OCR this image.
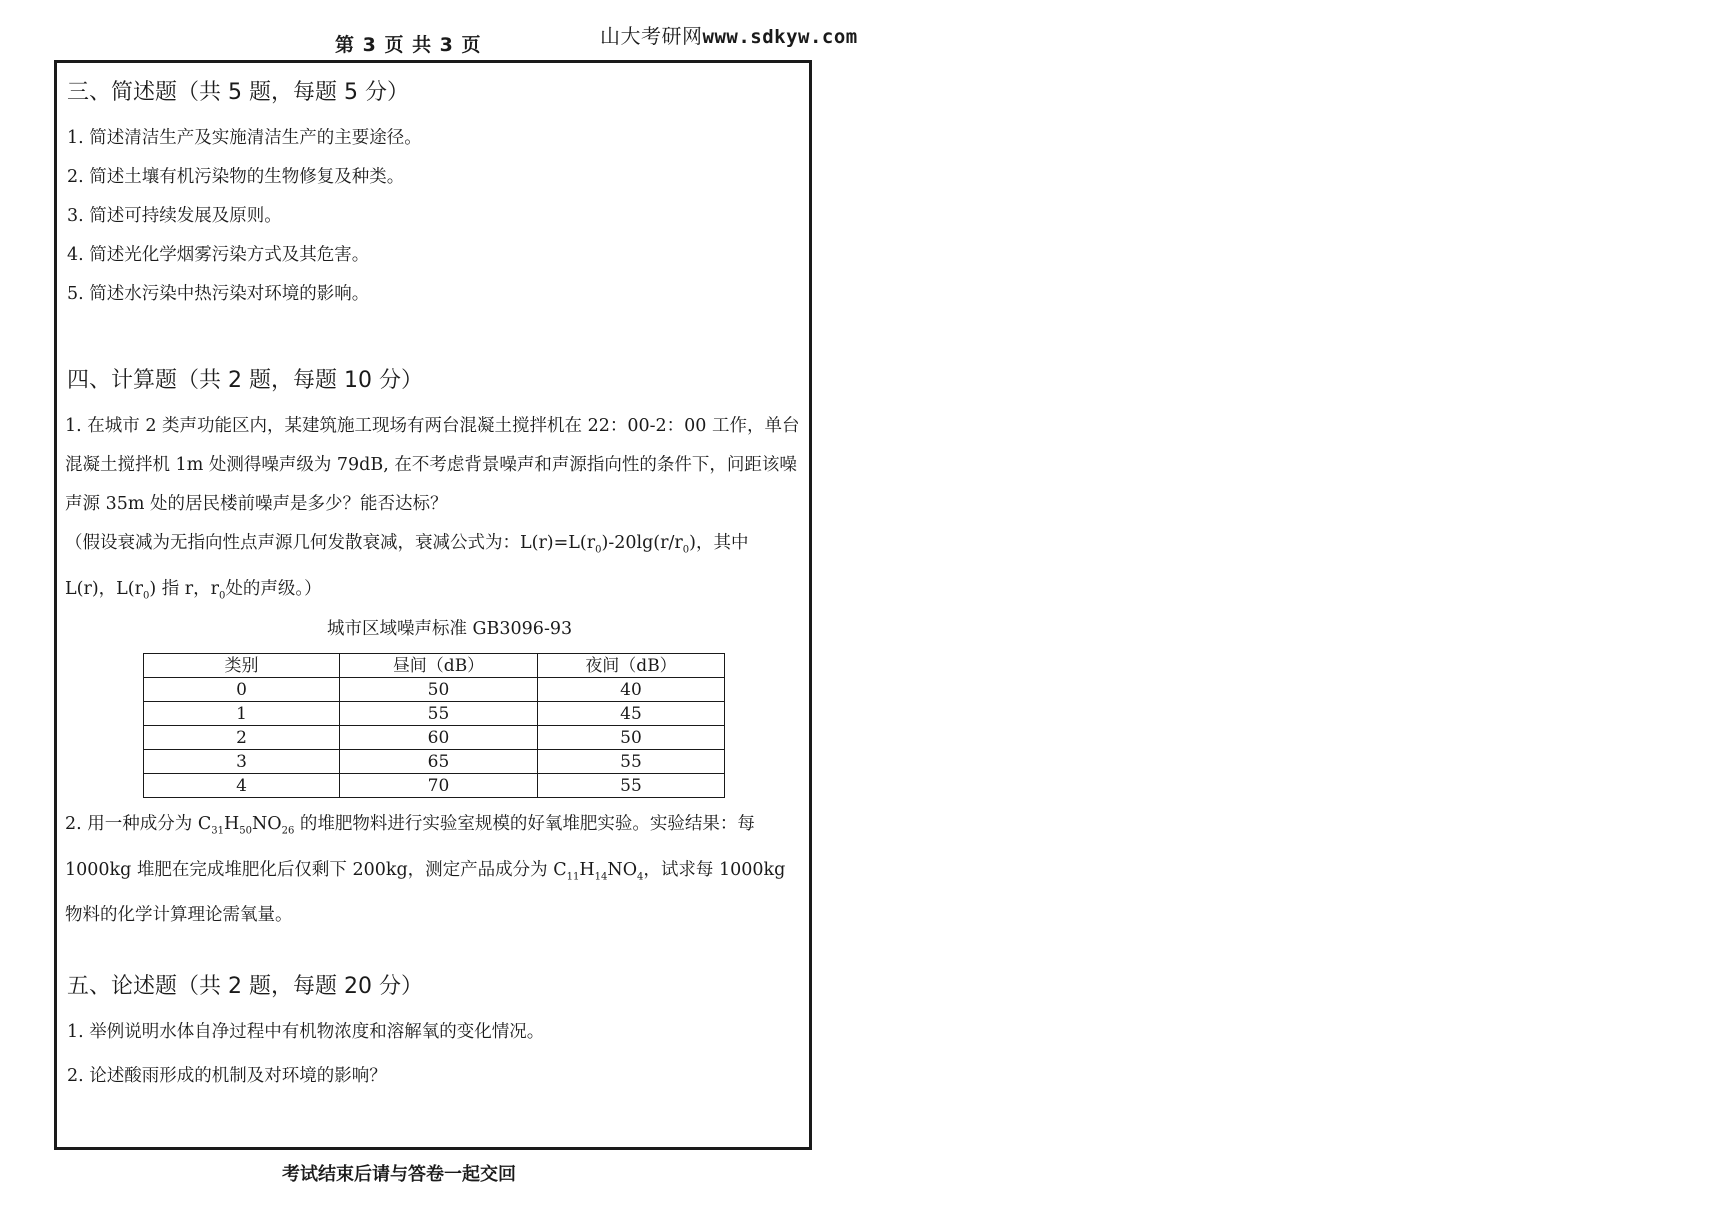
第 3 页 共 3 页	山大考研网www.sdkyw.com
三、简述题（共 5 题，每题 5 分）
1. 简述清洁生产及实施清洁生产的主要途径。
2. 简述土壤有机污染物的生物修复及种类。
3. 简述可持续发展及原则。
4. 简述光化学烟雾污染方式及其危害。
5. 简述水污染中热污染对环境的影响。
四、计算题（共 2 题，每题 10 分）
1. 在城市 2 类声功能区内，某建筑施工现场有两台混凝土搅拌机在 22：00-2：00 工作，单台混凝土搅拌机 1m 处测得噪声级为 79dB, 在不考虑背景噪声和声源指向性的条件下，问距该噪声源 35m 处的居民楼前噪声是多少？能否达标？
（假设衰减为无指向性点声源几何发散衰减，衰减公式为：$L(r)=L(r_0)-20\lg(r/r_0)$，其中 L(r)，$L(r_0)$ 指 r，$r_0$处的声级。）
城市区域噪声标准 GB3096-93
类别	昼间（dB）	夜间（dB）
0	50	40
1	55	45
2	60	50
3	65	55
4	70	55
2. 用一种成分为 $C_{31}H_{50}NO_{26}$ 的堆肥物料进行实验室规模的好氧堆肥实验。实验结果：每 1000kg 堆肥在完成堆肥化后仅剩下 200kg，测定产品成分为 $C_{11}H_{14}NO_4$，试求每 1000kg 物料的化学计算理论需氧量。
五、论述题（共 2 题，每题 20 分）
1. 举例说明水体自净过程中有机物浓度和溶解氧的变化情况。
2. 论述酸雨形成的机制及对环境的影响？
考试结束后请与答卷一起交回
